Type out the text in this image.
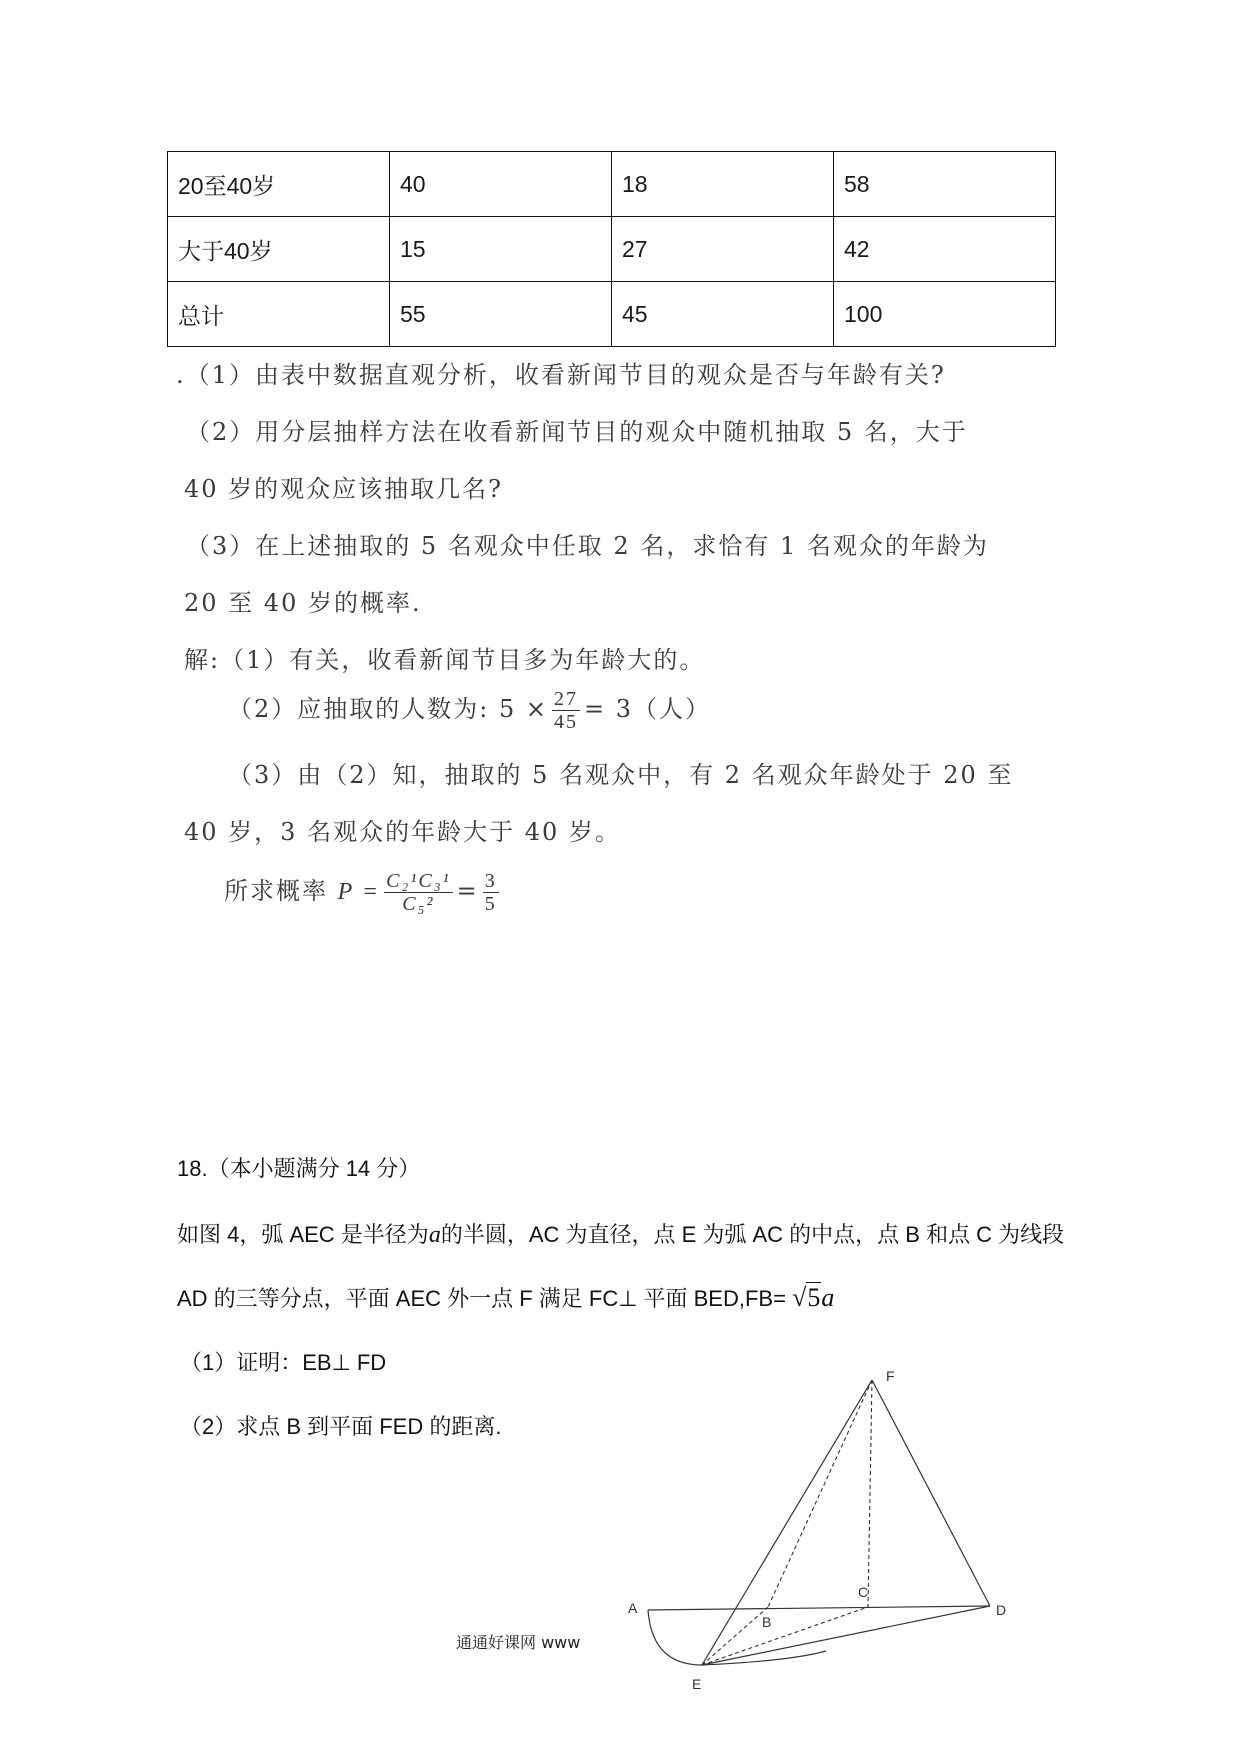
20至40岁	40	18	58
大于40岁	15	27	42
总计	55	45	100
.（1）由表中数据直观分析，收看新闻节目的观众是否与年龄有关?
（2）用分层抽样方法在收看新闻节目的观众中随机抽取 5 名，大于
40 岁的观众应该抽取几名?
（3）在上述抽取的 5 名观众中任取 2 名，求恰有 1 名观众的年龄为
20 至 40 岁的概率.
解:（1）有关，收看新闻节目多为年龄大的。
（2）应抽取的人数为: $5 \times \frac{27}{45} = 3$（人）
（3）由（2）知，抽取的 5 名观众中，有 2 名观众年龄处于 20 至
40 岁，3 名观众的年龄大于 40 岁。
所求概率 $P = \frac{\text{C₂¹C₃¹}}{\text{C₅²}} = \frac{3}{5}$
18.（本小题满分 14 分）
如图 4，弧 AEC 是半径为a的半圆，AC 为直径，点 E 为弧 AC 的中点，点 B 和点 C 为线段
AD 的三等分点，平面 AEC 外一点 F 满足 FC⊥ 平面 BED,FB= √5a
（1）证明：EB⊥ FD
（2）求点 B 到平面 FED 的距离.
A
B
C
D
E
F
通通好课网 www
